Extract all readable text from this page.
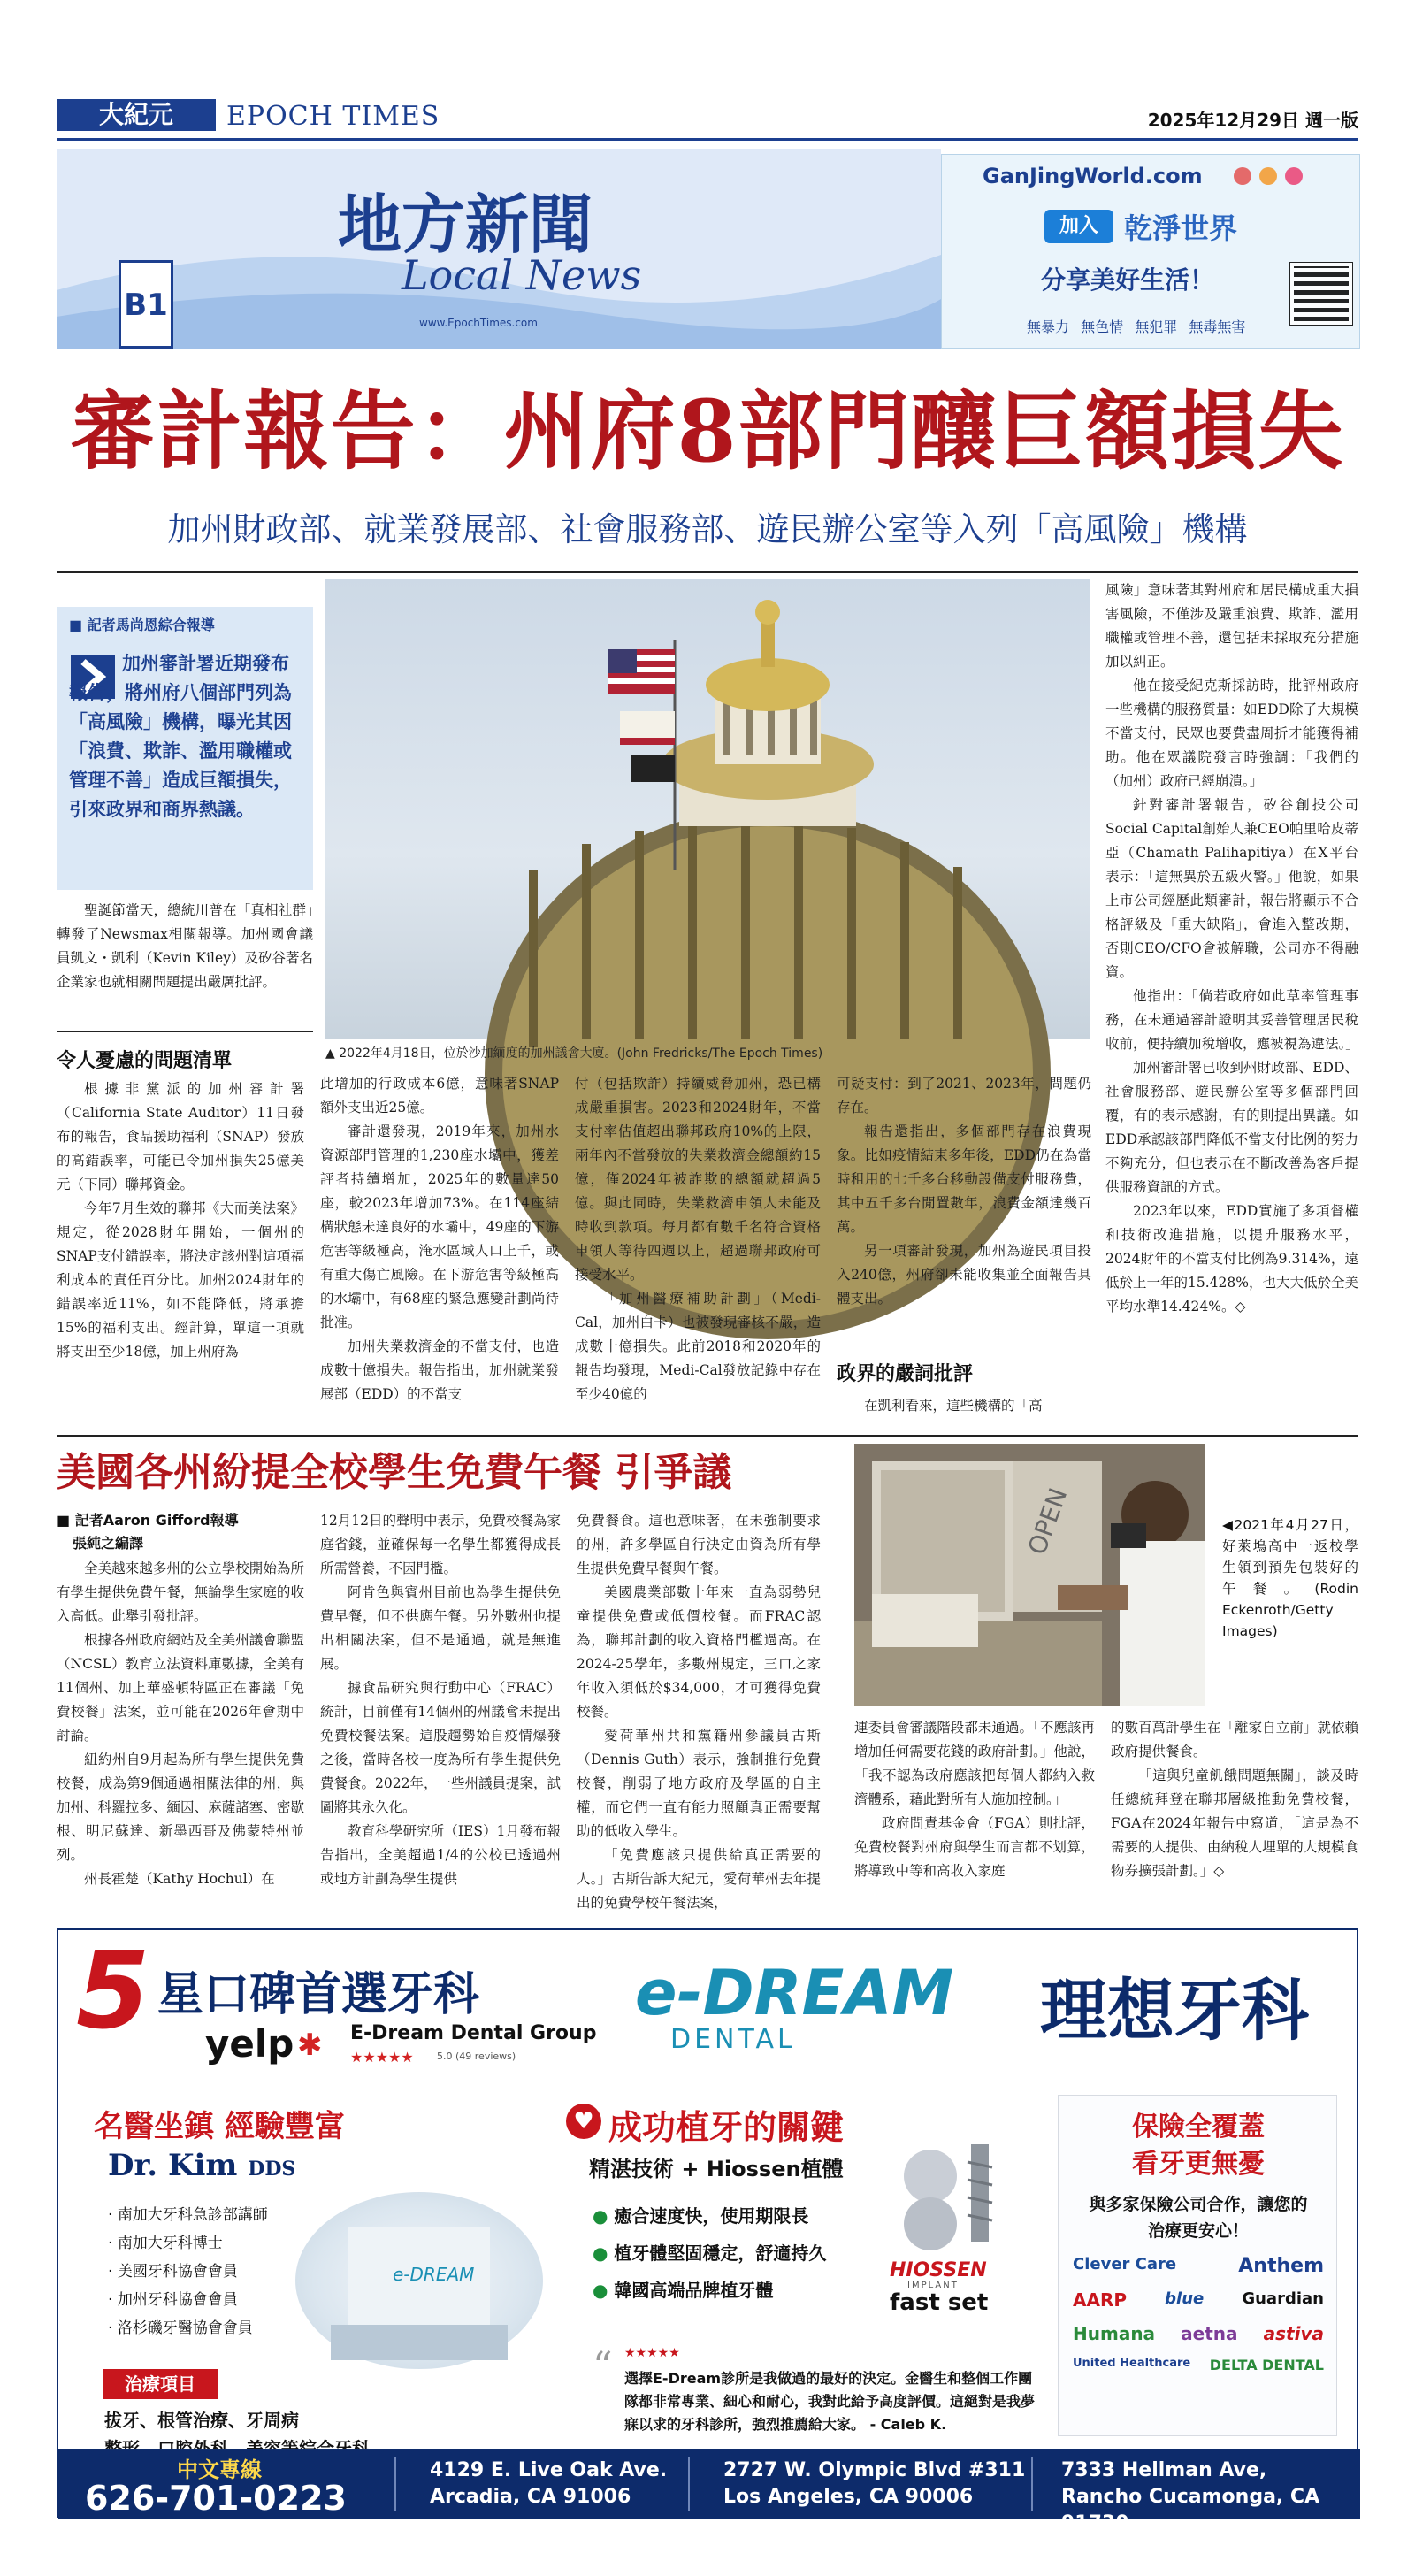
大紀元	EPOCH TIMES	2025年12月29日 週一版
B1
地方新聞
Local News
www.EpochTimes.com
GanJingWorld.com

加入 乾淨世界
分享美好生活！
無暴力 無色情 無犯罪 無毒無害
審計報告：州府8部門釀巨額損失
加州財政部、就業發展部、社會服務部、遊民辦公室等入列「高風險」機構
■ 記者馬尚恩綜合報導
加州審計署近期發布報告，將州府八個部門列為「高風險」機構，曝光其因「浪費、欺詐、濫用職權或管理不善」造成巨額損失，引來政界和商界熱議。
▲ 2022年4月18日，位於沙加緬度的加州議會大廈。(John Fredricks/The Epoch Times)

聖誕節當天，總統川普在「真相社群」轉發了Newsmax相關報導。加州國會議員凱文・凱利（Kevin Kiley）及矽谷著名企業家也就相關問題提出嚴厲批評。

令人憂慮的問題清單

根據非黨派的加州審計署（California State Auditor）11日發布的報告，食品援助福利（SNAP）發放的高錯誤率，可能已令加州損失25億美元（下同）聯邦資金。

今年7月生效的聯邦《大而美法案》規定，從2028財年開始，一個州的SNAP支付錯誤率，將決定該州對這項福利成本的責任百分比。加州2024財年的錯誤率近11%，如不能降低，將承擔15%的福利支出。經計算，單這一項就將支出至少18億，加上州府為

此增加的行政成本6億，意味著SNAP額外支出近25億。

審計還發現，2019年來，加州水資源部門管理的1,230座水壩中，獲差評者持續增加，2025年的數量達50座，較2023年增加73%。在114座結構狀態未達良好的水壩中，49座的下游危害等級極高，淹水區域人口上千，或有重大傷亡風險。在下游危害等級極高的水壩中，有68座的緊急應變計劃尚待批准。

加州失業救濟金的不當支付，也造成數十億損失。報告指出，加州就業發展部（EDD）的不當支

付（包括欺詐）持續威脅加州，恐已構成嚴重損害。2023和2024財年，不當支付率估值超出聯邦政府10%的上限，兩年內不當發放的失業救濟金總額約15億，僅2024年被詐欺的總額就超過5億。與此同時，失業救濟申領人未能及時收到款項。每月都有數千名符合資格申領人等待四週以上，超過聯邦政府可接受水平。

「加州醫療補助計劃」（Medi-Cal，加州白卡）也被發現審核不嚴，造成數十億損失。此前2018和2020年的報告均發現，Medi-Cal發放記錄中存在至少40億的

可疑支付：到了2021、2023年，問題仍存在。

報告還指出，多個部門存在浪費現象。比如疫情結束多年後，EDD仍在為當時租用的七千多台移動設備支付服務費，其中五千多台閒置數年，浪費金額達幾百萬。

另一項審計發現，加州為遊民項目投入240億，州府卻未能收集並全面報告具體支出。

政界的嚴詞批評

在凱利看來，這些機構的「高

風險」意味著其對州府和居民構成重大損害風險，不僅涉及嚴重浪費、欺詐、濫用職權或管理不善，還包括未採取充分措施加以糾正。

他在接受紀克斯採訪時，批評州政府一些機構的服務質量：如EDD除了大規模不當支付，民眾也要費盡周折才能獲得補助。他在眾議院發言時強調：「我們的（加州）政府已經崩潰。」

針對審計署報告，矽谷創投公司Social Capital創始人兼CEO帕里哈皮蒂亞（Chamath Palihapitiya）在X平台表示：「這無異於五級火警。」他說，如果上市公司經歷此類審計，報告將顯示不合格評級及「重大缺陷」，會進入整改期，否則CEO/CFO會被解職，公司亦不得融資。

他指出：「倘若政府如此草率管理事務，在未通過審計證明其妥善管理居民稅收前，便持續加稅增收，應被視為違法。」

加州審計署已收到州財政部、EDD、社會服務部、遊民辦公室等多個部門回覆，有的表示感謝，有的則提出異議。如EDD承認該部門降低不當支付比例的努力不夠充分，但也表示在不斷改善為客戶提供服務資訊的方式。

2023年以來，EDD實施了多項督權和技術改進措施，以提升服務水平，2024財年的不當支付比例為9.314%，遠低於上一年的15.428%，也大大低於全美平均水準14.424%。◇

美國各州紛提全校學生免費午餐 引爭議
■ 記者Aaron Gifford報導
張純之編譯

全美越來越多州的公立學校開始為所有學生提供免費午餐，無論學生家庭的收入高低。此舉引發批評。

根據各州政府網站及全美州議會聯盟（NCSL）教育立法資料庫數據，全美有11個州、加上華盛頓特區正在審議「免費校餐」法案，並可能在2026年會期中討論。

紐約州自9月起為所有學生提供免費校餐，成為第9個通過相關法律的州，與加州、科羅拉多、緬因、麻薩諸塞、密歇根、明尼蘇達、新墨西哥及佛蒙特州並列。

州長霍楚（Kathy Hochul）在

12月12日的聲明中表示，免費校餐為家庭省錢，並確保每一名學生都獲得成長所需營養，不因門檻。

阿肯色與賓州目前也為學生提供免費早餐，但不供應午餐。另外數州也提出相關法案，但不是通過，就是無進展。

據食品研究與行動中心（FRAC）統計，目前僅有14個州的州議會未提出免費校餐法案。這股趨勢始自疫情爆發之後，當時各校一度為所有學生提供免費餐食。2022年，一些州議員提案，試圖將其永久化。

教育科學研究所（IES）1月發布報告指出，全美超過1/4的公校已透過州或地方計劃為學生提供

免費餐食。這也意味著，在未強制要求的州，許多學區自行決定由資為所有學生提供免費早餐與午餐。

美國農業部數十年來一直為弱勢兒童提供免費或低價校餐。而FRAC認為，聯邦計劃的收入資格門檻過高。在2024-25學年，多數州規定，三口之家年收入須低於$34,000，才可獲得免費校餐。

愛荷華州共和黨籍州參議員古斯（Dennis Guth）表示，強制推行免費校餐，削弱了地方政府及學區的自主權，而它們一直有能力照顧真正需要幫助的低收入學生。

「免費應該只提供給真正需要的人。」古斯告訴大紀元，愛荷華州去年提出的免費學校午餐法案，

OPEN	◀2021年4月27日，好萊塢高中一返校學生領到預先包裝好的午餐。(Rodin Eckenroth/Getty Images)

連委員會審議階段都未通過。「不應該再增加任何需要花錢的政府計劃。」他說，「我不認為政府應該把每個人都納入救濟體系，藉此對所有人施加控制。」

政府問責基金會（FGA）則批評，免費校餐對州府與學生而言都不划算，將導致中等和高收入家庭

的數百萬計學生在「離家自立前」就依賴政府提供餐食。

「這與兒童飢餓問題無關」，談及時任總統拜登在聯邦層級推動免費校餐，FGA在2024年報告中寫道，「這是為不需要的人提供、由納稅人埋單的大規模食物券擴張計劃。」◇

5 星口碑首選牙科
yelp ✱ E-Dream Dental Group
★★★★★ 5.0 (49 reviews)
e-DREAM
DENTAL	理想牙科
名醫坐鎮 經驗豐富
Dr. Kim DDS
· 南加大牙科急診部講師
· 南加大牙科博士
· 美國牙科協會會員
· 加州牙科協會會員
· 洛杉磯牙醫協會會員
e-DREAM
治療項目
拔牙、根管治療、牙周病
♥ 成功植牙的關鍵
精湛技術 + Hiossen植體
● 癒合速度快，使用期限長
● 植牙體堅固穩定，舒適持久
● 韓國高端品牌植牙體
HIOSSEN
IMPLANT
fast set
“ ★★★★★
選擇E-Dream診所是我做過的最好的決定。金醫生和整個工作團隊都非常專業、細心和耐心，我對此給予高度評價。這絕對是我夢寐以求的牙科診所，強烈推薦給大家。 - Caleb K.
保險全覆蓋
看牙更無憂
與多家保險公司合作，讓您的治療更安心！
Clever Care	Anthem
AARP blue Guardian
Humana aetna astiva
United Healthcare DELTA DENTAL
中文專線
626-701-0223
4129 E. Live Oak Ave.
Arcadia, CA 91006
2727 W. Olympic Blvd #311
Los Angeles, CA 90006
7333 Hellman Ave,
Rancho Cucamonga, CA 91730
